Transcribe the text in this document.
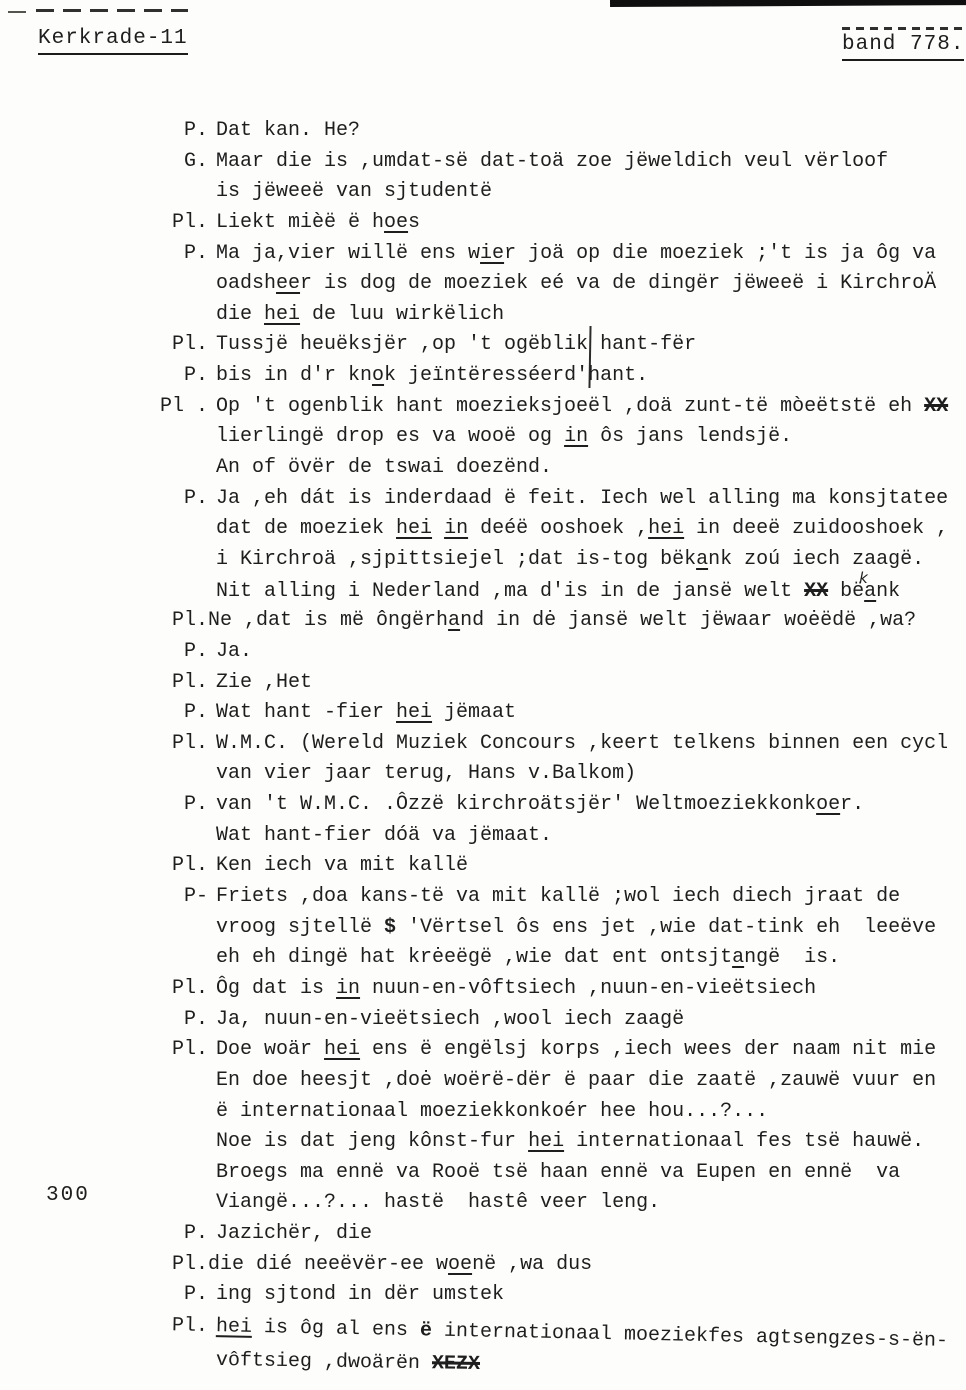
Kerkrade-11	band 778.
300
P. Dat kan. He?
G. Maar die is ,umdat-së dat-toä zoe jëweldich veul vërloof
is jëweeë van sjtudentë
Pl. Liekt mièë ë hoes
P. Ma ja,vier willë ens wier joä op die moeziek ;'t is ja ôg va
oadsheer is dog de moeziek eé va de dingër jëweeë i KirchroÄ
die hei de luu wirkëlich
Pl. Tussjë heuëksjër ,op 't ogëblik hant-fër
P. bis in d'r knok jeïntëresséerd'hant.
Pl . Op 't ogenblik hant moezieksjoeël ,doä zunt-të mòeëtstë eh XX
lierlingë drop es va wooë og in ôs jans lendsjë.
An of övër de tswai doezënd.
P. Ja ,eh dát is inderdaad ë feit. Iech wel alling ma konsjtatee
dat de moeziek hei in deéë ooshoek ,hei in deeë zuidooshoek ,
i Kirchroä ,sjpittsiejel ;dat is-tog bëkank zoú iech zaagë.
Nit alling i Nederland ,ma d'is in de jansë welt XX bëkank
Pl. Ne ,dat is më ôngërhand in dė jansë welt jëwaar woėëdë ,wa?
P. Ja.
Pl. Zie ,Het
P. Wat hant -fier hei jëmaat
Pl. W.M.C. (Wereld Muziek Concours ,keert telkens binnen een cycl
van vier jaar terug, Hans v.Balkom)
P. van 't W.M.C. .Ôzzë kirchroätsjër' Weltmoeziekkonkoer.
Wat hant-fier dóä va jëmaat.
Pl. Ken iech va mit kallë
P- Friets ,doa kans-të va mit kallë ;wol iech diech jraat de
vroog sjtellë $ 'Vërtsel ôs ens jet ,wie dat-tink eh  leeëve
eh eh dingë hat krėeëgë ,wie dat ent ontsjtangë  is.
Pl. Ôg dat is in nuun-en-vôftsiech ,nuun-en-vieëtsiech
P. Ja, nuun-en-vieëtsiech ,wool iech zaagë
Pl. Doe woär hei ens ë engëlsj korps ,iech wees der naam nit mie
En doe heesjt ,doė woërë-dër ë paar die zaatë ,zauwë vuur en
ë internationaal moeziekkonkoér hee hou...?...
Noe is dat jeng kônst-fur hei internationaal fes tsë hauwë.
Broegs ma ennë va Rooë tsë haan ennë va Eupen en ennë  va
Viangë...?... hastë  hastê veer leng.
P. Jazichër, die
Pl. die dié neeëvër-ee woenë ,wa dus
P. ing sjtond in dër umstek
Pl. hei is ôg al ens ë internationaal moeziekfes agtsengzes-s-ën-
vôftsieg ,dwoärën XEZX
